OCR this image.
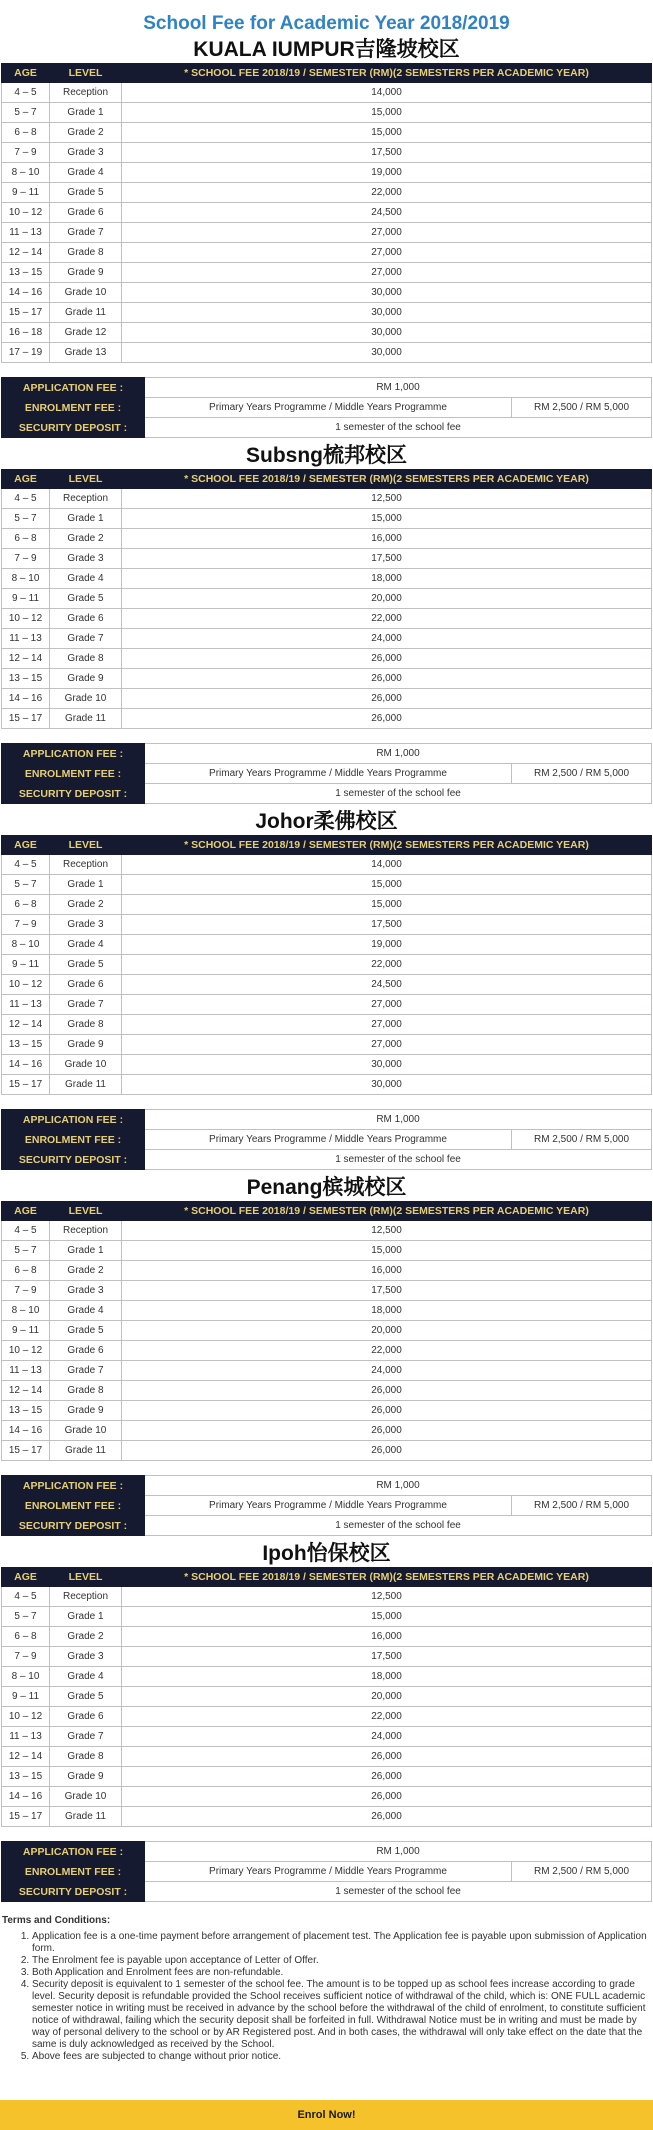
School Fee for Academic Year 2018/2019
KUALA IUMPUR吉隆坡校区
AGE	LEVEL	* SCHOOL FEE 2018/19 / SEMESTER (RM)(2 SEMESTERS PER ACADEMIC YEAR)
4 – 5	Reception	14,000
5 – 7	Grade 1	15,000
6 – 8	Grade 2	15,000
7 – 9	Grade 3	17,500
8 – 10	Grade 4	19,000
9 – 11	Grade 5	22,000
10 – 12	Grade 6	24,500
11 – 13	Grade 7	27,000
12 – 14	Grade 8	27,000
13 – 15	Grade 9	27,000
14 – 16	Grade 10	30,000
15 – 17	Grade 11	30,000
16 – 18	Grade 12	30,000
17 – 19	Grade 13	30,000
APPLICATION FEE :	RM 1,000	
ENROLMENT FEE :	Primary Years Programme / Middle Years Programme	RM 2,500 / RM 5,000
SECURITY DEPOSIT :	1 semester of the school fee	
Subsng梳邦校区
AGE	LEVEL	* SCHOOL FEE 2018/19 / SEMESTER (RM)(2 SEMESTERS PER ACADEMIC YEAR)
4 – 5	Reception	12,500
5 – 7	Grade 1	15,000
6 – 8	Grade 2	16,000
7 – 9	Grade 3	17,500
8 – 10	Grade 4	18,000
9 – 11	Grade 5	20,000
10 – 12	Grade 6	22,000
11 – 13	Grade 7	24,000
12 – 14	Grade 8	26,000
13 – 15	Grade 9	26,000
14 – 16	Grade 10	26,000
15 – 17	Grade 11	26,000
APPLICATION FEE :	RM 1,000	
ENROLMENT FEE :	Primary Years Programme / Middle Years Programme	RM 2,500 / RM 5,000
SECURITY DEPOSIT :	1 semester of the school fee	
Johor柔佛校区
AGE	LEVEL	* SCHOOL FEE 2018/19 / SEMESTER (RM)(2 SEMESTERS PER ACADEMIC YEAR)
4 – 5	Reception	14,000
5 – 7	Grade 1	15,000
6 – 8	Grade 2	15,000
7 – 9	Grade 3	17,500
8 – 10	Grade 4	19,000
9 – 11	Grade 5	22,000
10 – 12	Grade 6	24,500
11 – 13	Grade 7	27,000
12 – 14	Grade 8	27,000
13 – 15	Grade 9	27,000
14 – 16	Grade 10	30,000
15 – 17	Grade 11	30,000
APPLICATION FEE :	RM 1,000	
ENROLMENT FEE :	Primary Years Programme / Middle Years Programme	RM 2,500 / RM 5,000
SECURITY DEPOSIT :	1 semester of the school fee	
Penang槟城校区
AGE	LEVEL	* SCHOOL FEE 2018/19 / SEMESTER (RM)(2 SEMESTERS PER ACADEMIC YEAR)
4 – 5	Reception	12,500
5 – 7	Grade 1	15,000
6 – 8	Grade 2	16,000
7 – 9	Grade 3	17,500
8 – 10	Grade 4	18,000
9 – 11	Grade 5	20,000
10 – 12	Grade 6	22,000
11 – 13	Grade 7	24,000
12 – 14	Grade 8	26,000
13 – 15	Grade 9	26,000
14 – 16	Grade 10	26,000
15 – 17	Grade 11	26,000
APPLICATION FEE :	RM 1,000	
ENROLMENT FEE :	Primary Years Programme / Middle Years Programme	RM 2,500 / RM 5,000
SECURITY DEPOSIT :	1 semester of the school fee	
Ipoh怡保校区
AGE	LEVEL	* SCHOOL FEE 2018/19 / SEMESTER (RM)(2 SEMESTERS PER ACADEMIC YEAR)
4 – 5	Reception	12,500
5 – 7	Grade 1	15,000
6 – 8	Grade 2	16,000
7 – 9	Grade 3	17,500
8 – 10	Grade 4	18,000
9 – 11	Grade 5	20,000
10 – 12	Grade 6	22,000
11 – 13	Grade 7	24,000
12 – 14	Grade 8	26,000
13 – 15	Grade 9	26,000
14 – 16	Grade 10	26,000
15 – 17	Grade 11	26,000
APPLICATION FEE :	RM 1,000	
ENROLMENT FEE :	Primary Years Programme / Middle Years Programme	RM 2,500 / RM 5,000
SECURITY DEPOSIT :	1 semester of the school fee	
Terms and Conditions:
1. Application fee is a one-time payment before arrangement of placement test. The Application fee is payable upon submission of Application form.
2. The Enrolment fee is payable upon acceptance of Letter of Offer.
3. Both Application and Enrolment fees are non-refundable.
4. Security deposit is equivalent to 1 semester of the school fee. The amount is to be topped up as school fees increase according to grade level. Security deposit is refundable provided the School receives sufficient notice of withdrawal of the child, which is: ONE FULL academic semester notice in writing must be received in advance by the school before the withdrawal of the child of enrolment, to constitute sufficient notice of withdrawal, failing which the security deposit shall be forfeited in full. Withdrawal Notice must be in writing and must be made by way of personal delivery to the school or by AR Registered post. And in both cases, the withdrawal will only take effect on the date that the same is duly acknowledged as received by the School.
5. Above fees are subjected to change without prior notice.
Enrol Now!
